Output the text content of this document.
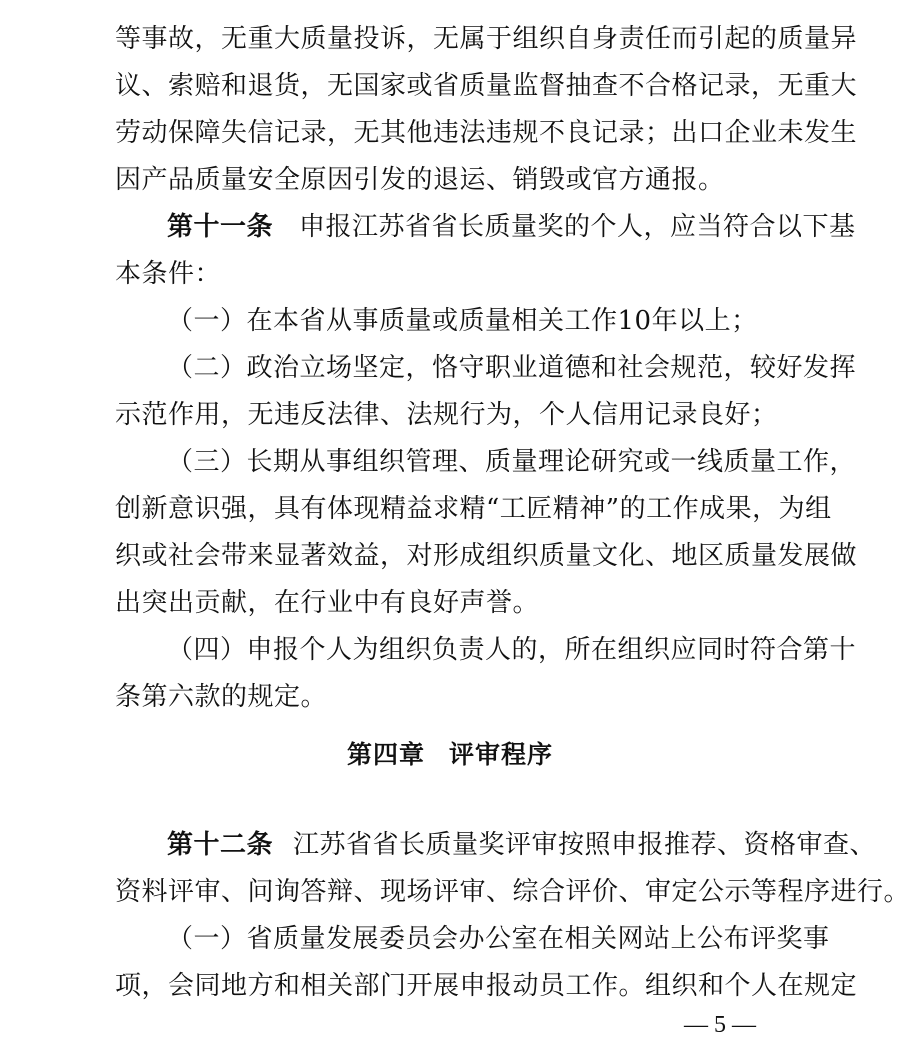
等事故，无重大质量投诉，无属于组织自身责任而引起的质量异
议、索赔和退货，无国家或省质量监督抽查不合格记录，无重大
劳动保障失信记录，无其他违法违规不良记录；出口企业未发生
因产品质量安全原因引发的退运、销毁或官方通报。
第十一条 申报江苏省省长质量奖的个人，应当符合以下基
本条件：
（一）在本省从事质量或质量相关工作10年以上；
（二）政治立场坚定，恪守职业道德和社会规范，较好发挥
示范作用，无违反法律、法规行为，个人信用记录良好；
（三）长期从事组织管理、质量理论研究或一线质量工作，
创新意识强，具有体现精益求精“工匠精神”的工作成果，为组
织或社会带来显著效益，对形成组织质量文化、地区质量发展做
出突出贡献，在行业中有良好声誉。
（四）申报个人为组织负责人的，所在组织应同时符合第十
条第六款的规定。
第四章 评审程序
第十二条 江苏省省长质量奖评审按照申报推荐、资格审查、
资料评审、问询答辩、现场评审、综合评价、审定公示等程序进行。
（一）省质量发展委员会办公室在相关网站上公布评奖事
项，会同地方和相关部门开展申报动员工作。组织和个人在规定
— 5 —
